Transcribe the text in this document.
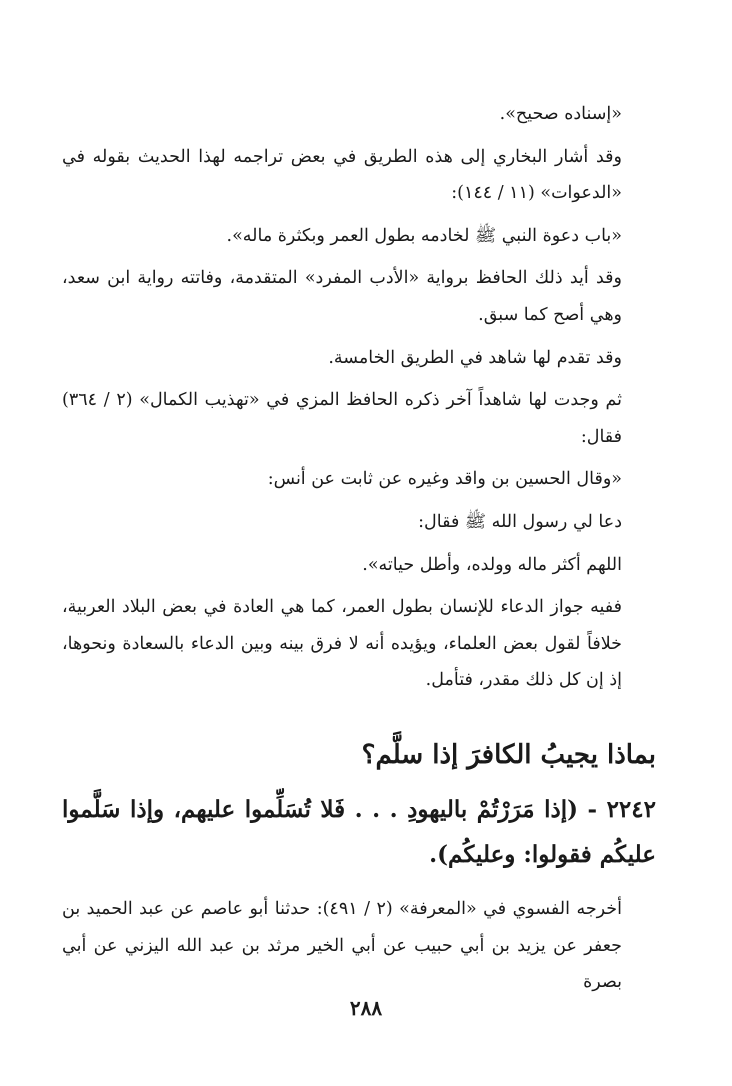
«إسناده صحيح».

وقد أشار البخاري إلى هذه الطريق في بعض تراجمه لهذا الحديث بقوله في «الدعوات» (١١ / ١٤٤):

«باب دعوة النبي ﷺ لخادمه بطول العمر وبكثرة ماله».

وقد أيد ذلك الحافظ برواية «الأدب المفرد» المتقدمة، وفاتته رواية ابن سعد، وهي أصح كما سبق.

وقد تقدم لها شاهد في الطريق الخامسة.

ثم وجدت لها شاهداً آخر ذكره الحافظ المزي في «تهذيب الكمال» (٢ / ٣٦٤) فقال:

«وقال الحسين بن واقد وغيره عن ثابت عن أنس:

دعا لي رسول الله ﷺ فقال:

اللهم أكثر ماله وولده، وأطل حياته».

ففيه جواز الدعاء للإنسان بطول العمر، كما هي العادة في بعض البلاد العربية، خلافاً لقول بعض العلماء، ويؤيده أنه لا فرق بينه وبين الدعاء بالسعادة ونحوها، إذ إن كل ذلك مقدر، فتأمل.

بماذا يجيبُ الكافرَ إذا سلَّم؟

٢٢٤٢ - (إذا مَرَرْتُمْ باليهودِ . . . فَلا تُسَلِّموا عليهم، وإذا سَلَّموا عليكُم فقولوا: وعليكُم).

أخرجه الفسوي في «المعرفة» (٢ / ٤٩١): حدثنا أبو عاصم عن عبد الحميد بن جعفر عن يزيد بن أبي حبيب عن أبي الخير مرثد بن عبد الله اليزني عن أبي بصرة

٢٨٨
